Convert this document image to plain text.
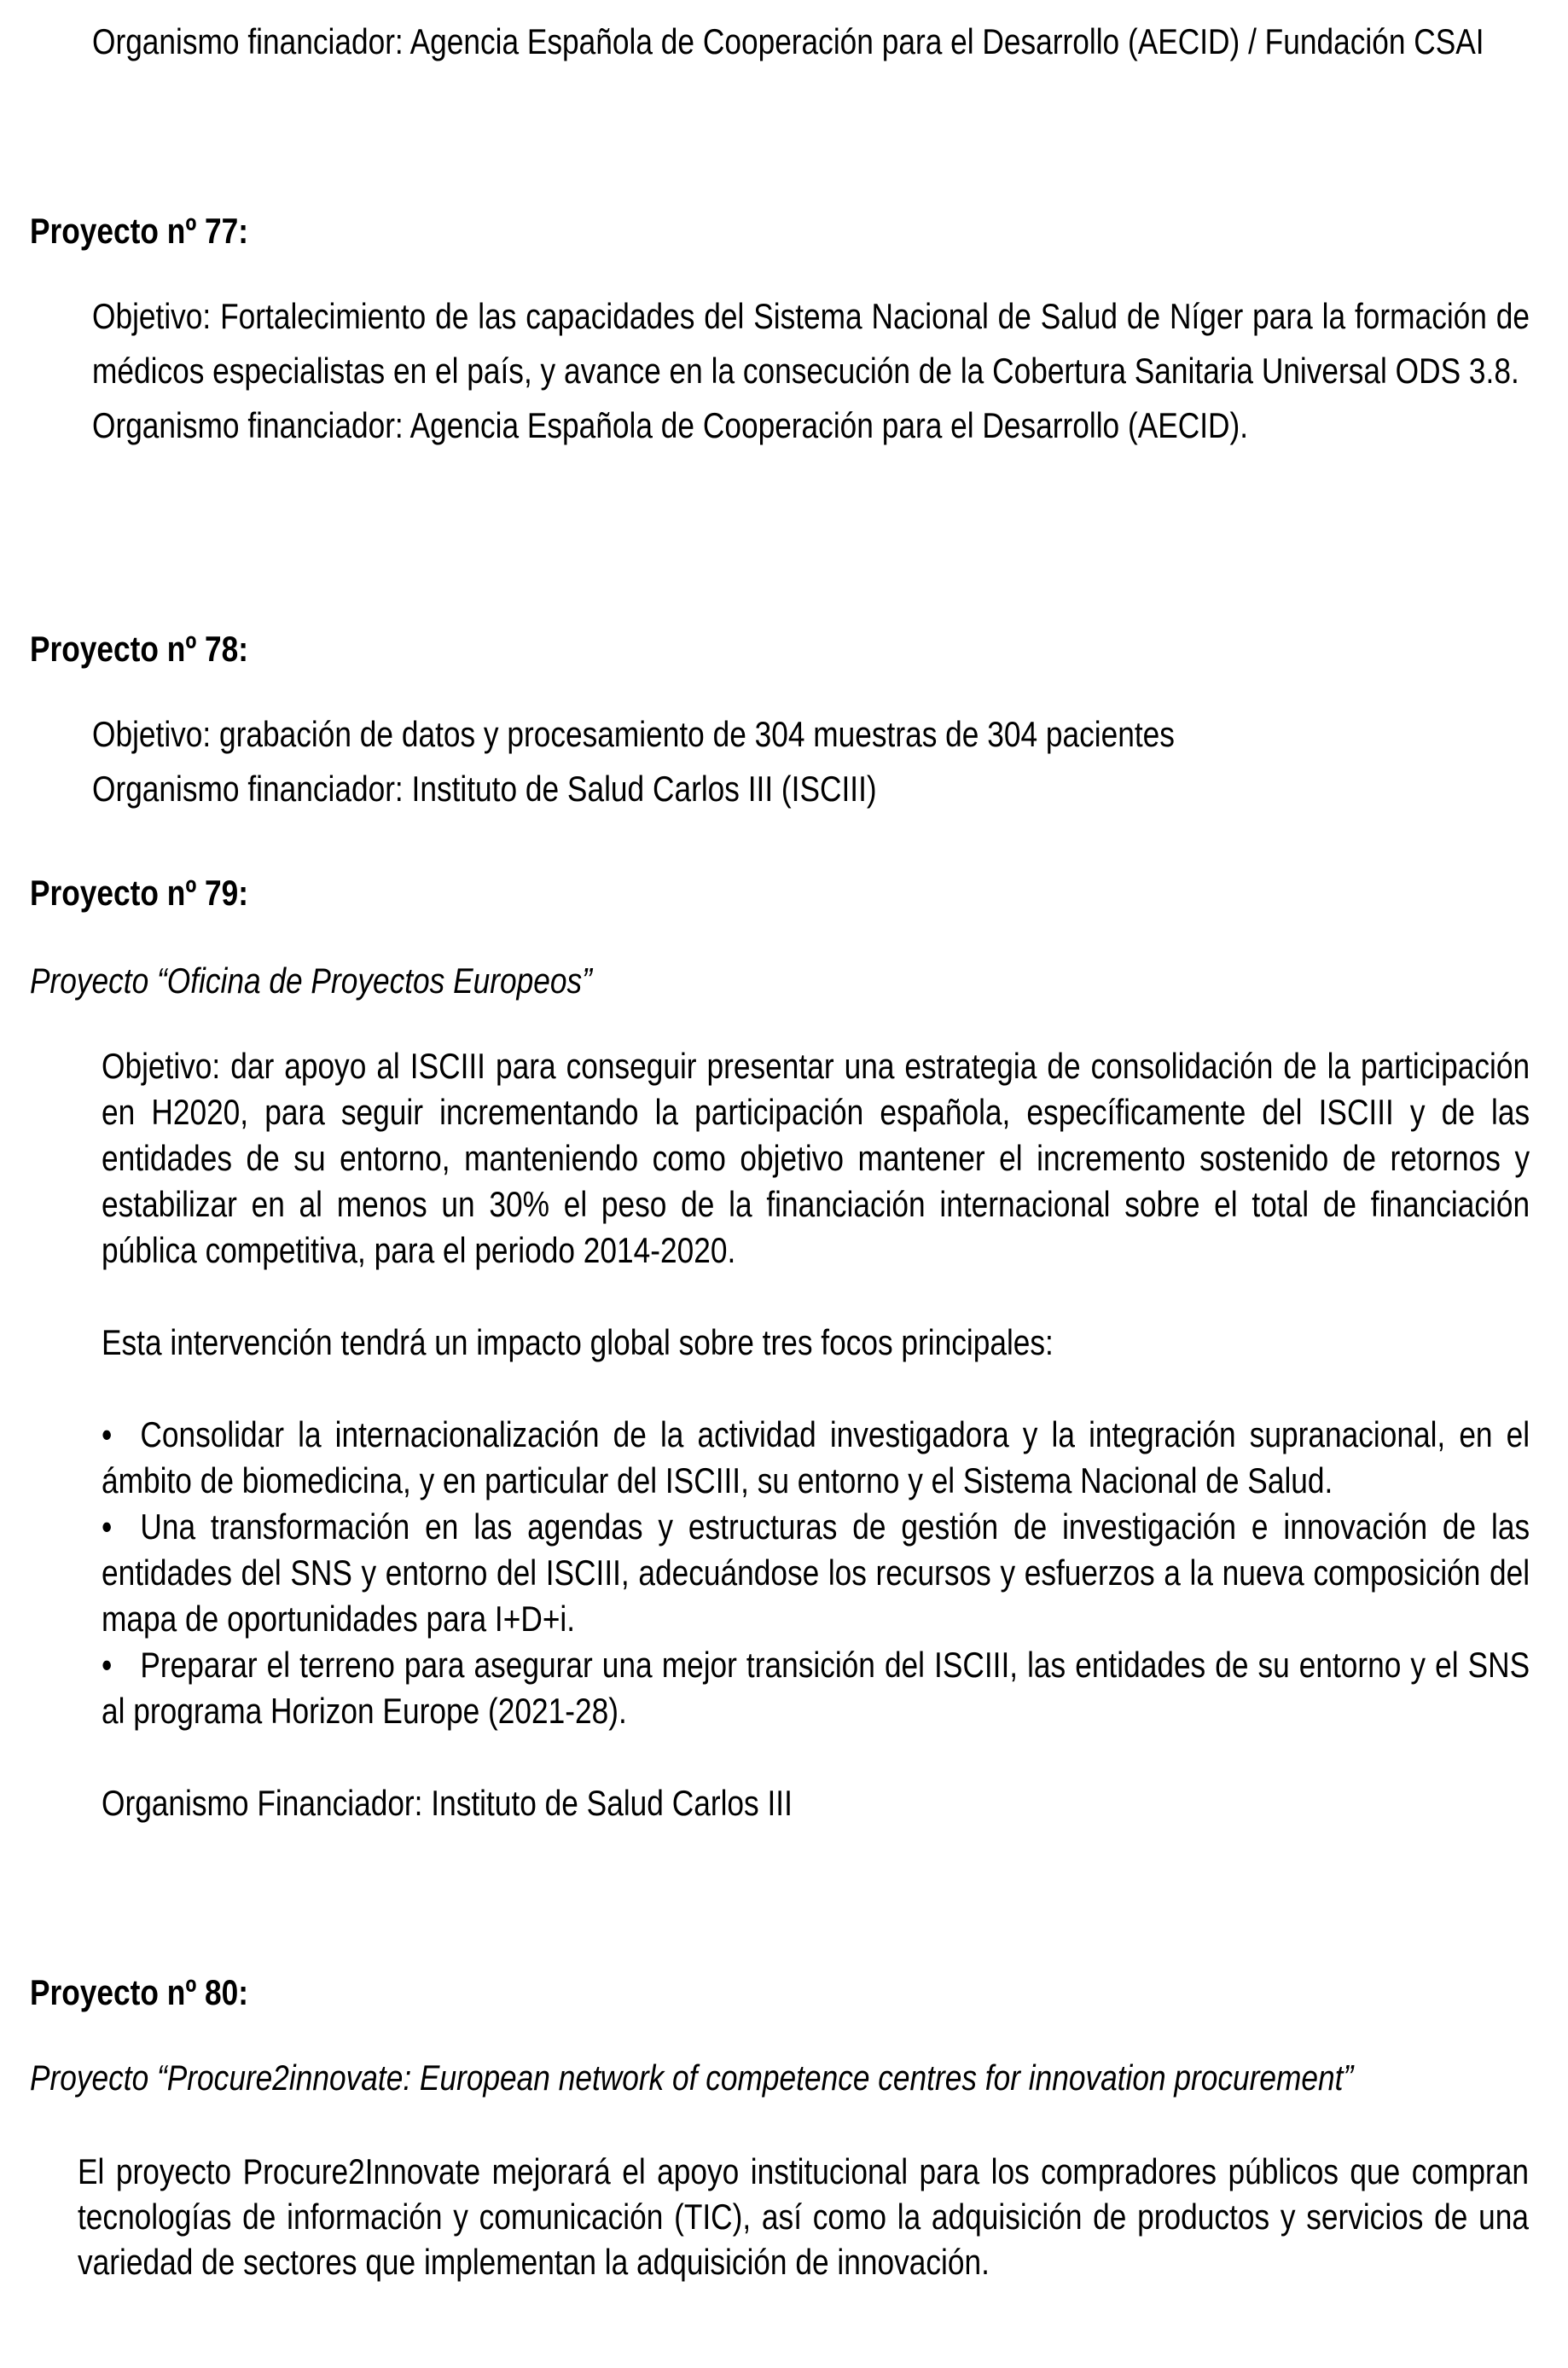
Organismo financiador: Agencia Española de Cooperación para el Desarrollo (AECID) / Fundación CSAI

Proyecto nº 77:

Objetivo: Fortalecimiento de las capacidades del Sistema Nacional de Salud de Níger para la formación de médicos especialistas en el país, y avance en la consecución de la Cobertura Sanitaria Universal ODS 3.8.

Organismo financiador: Agencia Española de Cooperación para el Desarrollo (AECID).

Proyecto nº 78:

Objetivo: grabación de datos y procesamiento de 304 muestras de 304 pacientes

Organismo financiador: Instituto de Salud Carlos III (ISCIII)

Proyecto nº 79:
Proyecto “Oficina de Proyectos Europeos”

Objetivo: dar apoyo al ISCIII para conseguir presentar una estrategia de consolidación de la participación en H2020, para seguir incrementando la participación española, específicamente del ISCIII y de las entidades de su entorno, manteniendo como objetivo mantener el incremento sostenido de retornos y estabilizar en al menos un 30% el peso de la financiación internacional sobre el total de financiación pública competitiva, para el periodo 2014-2020.

Esta intervención tendrá un impacto global sobre tres focos principales:

• Consolidar la internacionalización de la actividad investigadora y la integración supranacional, en el ámbito de biomedicina, y en particular del ISCIII, su entorno y el Sistema Nacional de Salud.

• Una transformación en las agendas y estructuras de gestión de investigación e innovación de las entidades del SNS y entorno del ISCIII, adecuándose los recursos y esfuerzos a la nueva composición del mapa de oportunidades para I+D+i.

• Preparar el terreno para asegurar una mejor transición del ISCIII, las entidades de su entorno y el SNS al programa Horizon Europe (2021-28).

Organismo Financiador: Instituto de Salud Carlos III

Proyecto nº 80:
Proyecto “Procure2innovate: European network of competence centres for innovation procurement”

El proyecto Procure2Innovate mejorará el apoyo institucional para los compradores públicos que compran tecnologías de información y comunicación (TIC), así como la adquisición de productos y servicios de una variedad de sectores que implementan la adquisición de innovación.
